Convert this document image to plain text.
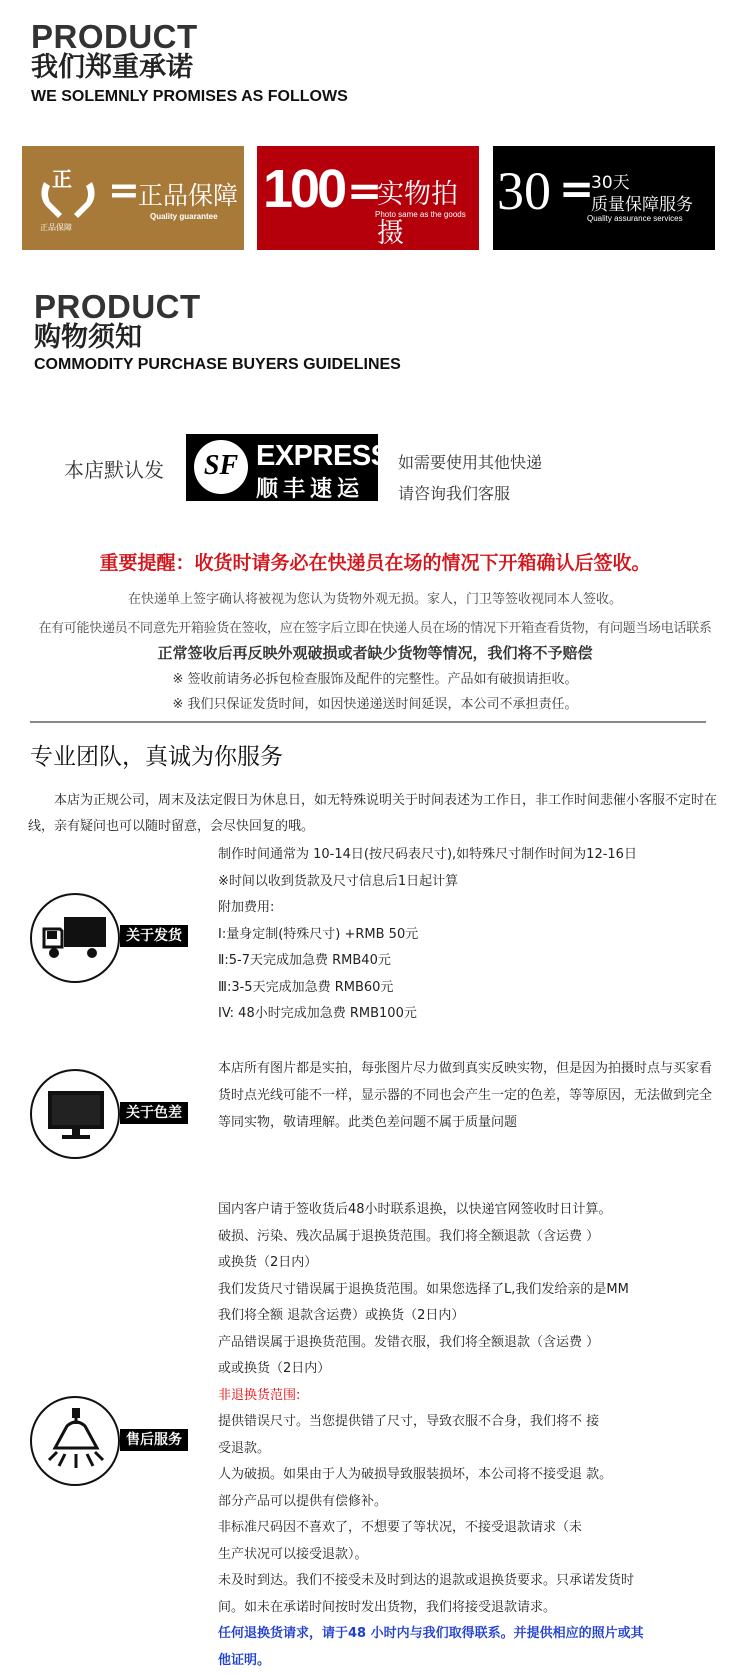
PRODUCT
我们郑重承诺
WE SOLEMNLY PROMISES AS FOLLOWS
正
正品保障
=
正品保障
Quality guarantee 100 =
实物拍摄
Photo same as the goods 30 =
30天
质量保障服务
Quality assurance services
PRODUCT
购物须知
COMMODITY PURCHASE BUYERS GUIDELINES
本店默认发	SF EXPRESS
顺丰速运
如需要使用其他快递
请咨询我们客服
重要提醒：收货时请务必在快递员在场的情况下开箱确认后签收。
在快递单上签字确认将被视为您认为货物外观无损。家人，门卫等签收视同本人签收。
在有可能快递员不同意先开箱验货在签收，应在签字后立即在快递人员在场的情况下开箱查看货物，有问题当场电话联系
正常签收后再反映外观破损或者缺少货物等情况，我们将不予赔偿
※ 签收前请务必拆包检查服饰及配件的完整性。产品如有破损请拒收。
※ 我们只保证发货时间，如因快递递送时间延误，本公司不承担责任。
专业团队，真诚为你服务
本店为正规公司，周末及法定假日为休息日，如无特殊说明关于时间表述为工作日，非工作时间悲催小客服不定时在线，亲有疑问也可以随时留意，会尽快回复的哦。
关于发货
制作时间通常为 10-14日(按尺码表尺寸),如特殊尺寸制作时间为12-16日
※时间以收到货款及尺寸信息后1日起计算
附加费用:
Ⅰ:量身定制(特殊尺寸) +RMB 50元
Ⅱ:5-7天完成加急费 RMB40元
Ⅲ:3-5天完成加急费 RMB60元
IV: 48小时完成加急费 RMB100元
关于色差
本店所有图片都是实拍，每张图片尽力做到真实反映实物，但是因为拍摄时点与买家看货时点光线可能不一样，显示器的不同也会产生一定的色差，等等原因，无法做到完全等同实物，敬请理解。此类色差问题不属于质量问题
售后服务
国内客户请于签收货后48小时联系退换，以快递官网签收时日计算。
破损、污染、残次品属于退换货范围。我们将全额退款（含运费 ）
或换货（2日内）
我们发货尺寸错误属于退换货范围。如果您选择了L,我们发给亲的是MM
我们将全额 退款含运费）或换货（2日内）
产品错误属于退换货范围。发错衣服，我们将全额退款（含运费 ）
或或换货（2日内）
非退换货范围:
提供错误尺寸。当您提供错了尺寸，导致衣服不合身，我们将不 接
受退款。
人为破损。如果由于人为破损导致服装损坏，本公司将不接受退 款。
部分产品可以提供有偿修补。
非标准尺码因不喜欢了，不想要了等状况，不接受退款请求（未
生产状况可以接受退款）。
未及时到达。我们不接受未及时到达的退款或退换货要求。只承诺发货时
间。如未在承诺时间按时发出货物，我们将接受退款请求。
任何退换货请求，请于48 小时内与我们取得联系。并提供相应的照片或其
他证明。
